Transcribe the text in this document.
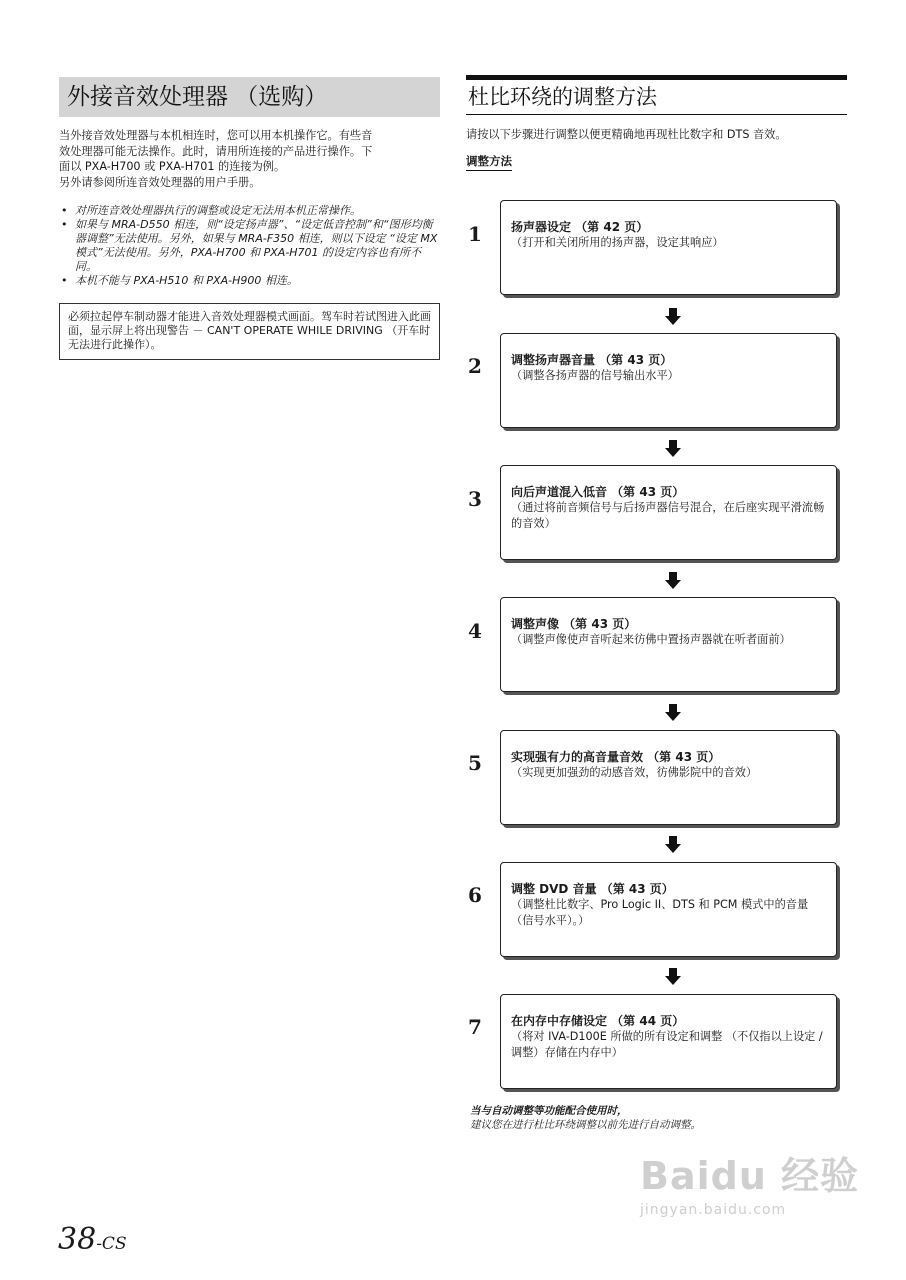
外接音效处理器 （选购）

当外接音效处理器与本机相连时，您可以用本机操作它。有些音

效处理器可能无法操作。此时，请用所连接的产品进行操作。下

面以 PXA-H700 或 PXA-H701 的连接为例。

另外请参阅所连音效处理器的用户手册。

• 对所连音效处理器执行的调整或设定无法用本机正常操作。
• 如果与 MRA-D550 相连，则“设定扬声器”、“设定低音控制”和“图形均衡器调整”无法使用。另外，如果与 MRA-F350 相连，则以下设定 “设定 MX 模式”无法使用。另外，PXA-H700 和 PXA-H701 的设定内容也有所不同。
• 本机不能与 PXA-H510 和 PXA-H900 相连。
必须拉起停车制动器才能进入音效处理器模式画面。驾车时若试图进入此画面，显示屏上将出现警告 － CAN'T OPERATE WHILE DRIVING （开车时无法进行此操作）。
杜比环绕的调整方法
请按以下步骤进行调整以便更精确地再现杜比数字和 DTS 音效。
调整方法
1 扬声器设定 （第 42 页）
（打开和关闭所用的扬声器，设定其响应）
2 调整扬声器音量 （第 43 页）
（调整各扬声器的信号输出水平）
3 向后声道混入低音 （第 43 页）
（通过将前音频信号与后扬声器信号混合，在后座实现平滑流畅的音效）
4 调整声像 （第 43 页）
（调整声像使声音听起来彷佛中置扬声器就在听者面前）
5 实现强有力的高音量音效 （第 43 页）
（实现更加强劲的动感音效，彷佛影院中的音效）
6 调整 DVD 音量 （第 43 页）
（调整杜比数字、Pro Logic II、DTS 和 PCM 模式中的音量 （信号水平）。）
7 在内存中存储设定 （第 44 页）
（将对 IVA-D100E 所做的所有设定和调整 （不仅指以上设定 / 调整）存储在内存中）
当与自动调整等功能配合使用时，
建议您在进行杜比环绕调整以前先进行自动调整。
Baidu 经验
jingyan.baidu.com
38-CS
